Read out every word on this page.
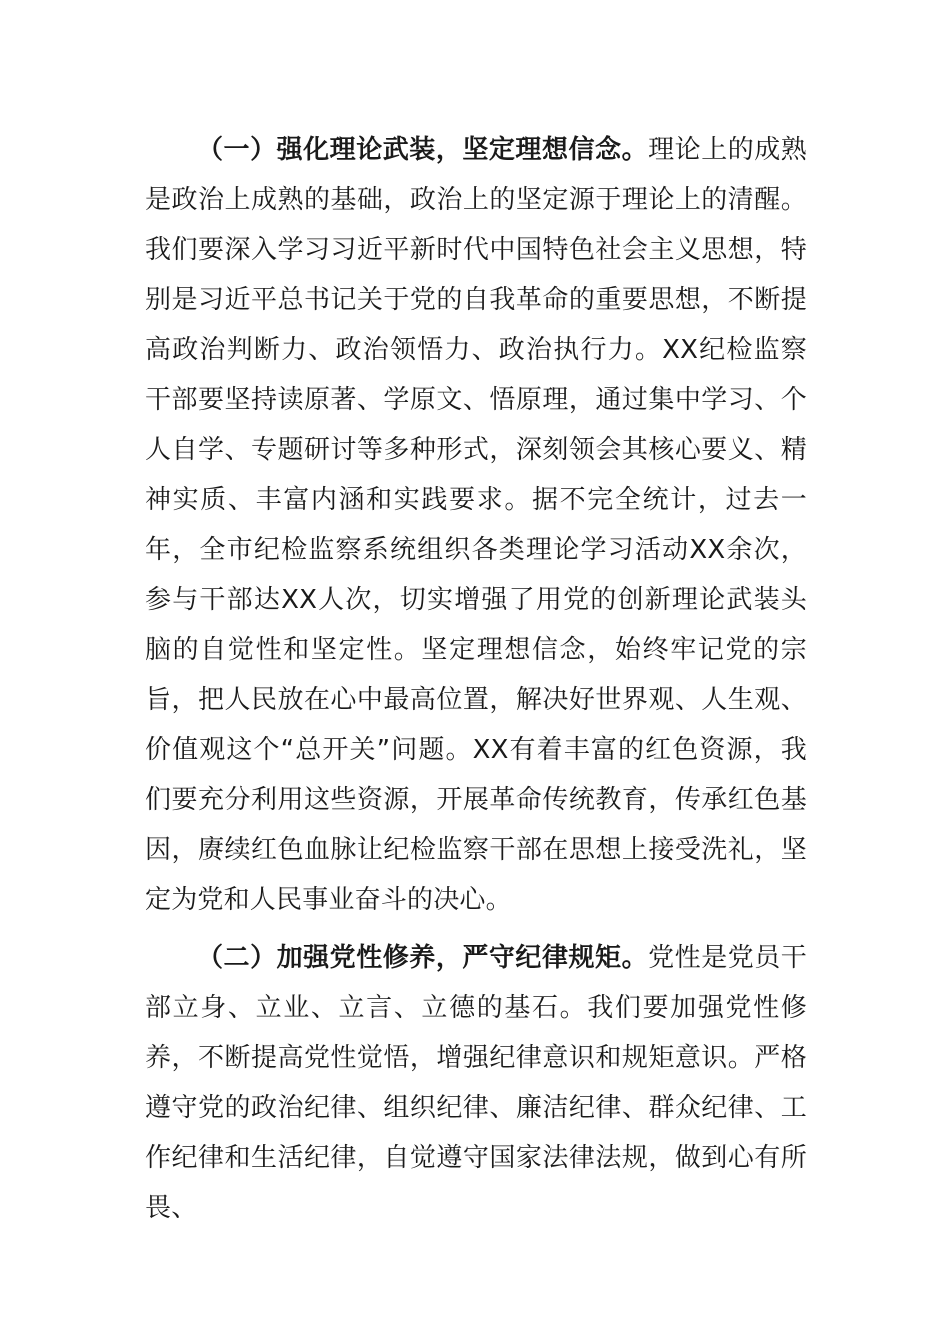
（一）强化理论武装，坚定理想信念。理论上的成熟是政治上成熟的基础，政治上的坚定源于理论上的清醒。我们要深入学习习近平新时代中国特色社会主义思想，特别是习近平总书记关于党的自我革命的重要思想，不断提高政治判断力、政治领悟力、政治执行力。XX纪检监察干部要坚持读原著、学原文、悟原理，通过集中学习、个人自学、专题研讨等多种形式，深刻领会其核心要义、精神实质、丰富内涵和实践要求。据不完全统计，过去一年，全市纪检监察系统组织各类理论学习活动XX余次，参与干部达XX人次，切实增强了用党的创新理论武装头脑的自觉性和坚定性。坚定理想信念，始终牢记党的宗旨，把人民放在心中最高位置，解决好世界观、人生观、价值观这个“总开关”问题。XX有着丰富的红色资源，我们要充分利用这些资源，开展革命传统教育，传承红色基因，赓续红色血脉让纪检监察干部在思想上接受洗礼，坚定为党和人民事业奋斗的决心。

（二）加强党性修养，严守纪律规矩。党性是党员干部立身、立业、立言、立德的基石。我们要加强党性修养，不断提高党性觉悟，增强纪律意识和规矩意识。严格遵守党的政治纪律、组织纪律、廉洁纪律、群众纪律、工作纪律和生活纪律，自觉遵守国家法律法规，做到心有所畏、
